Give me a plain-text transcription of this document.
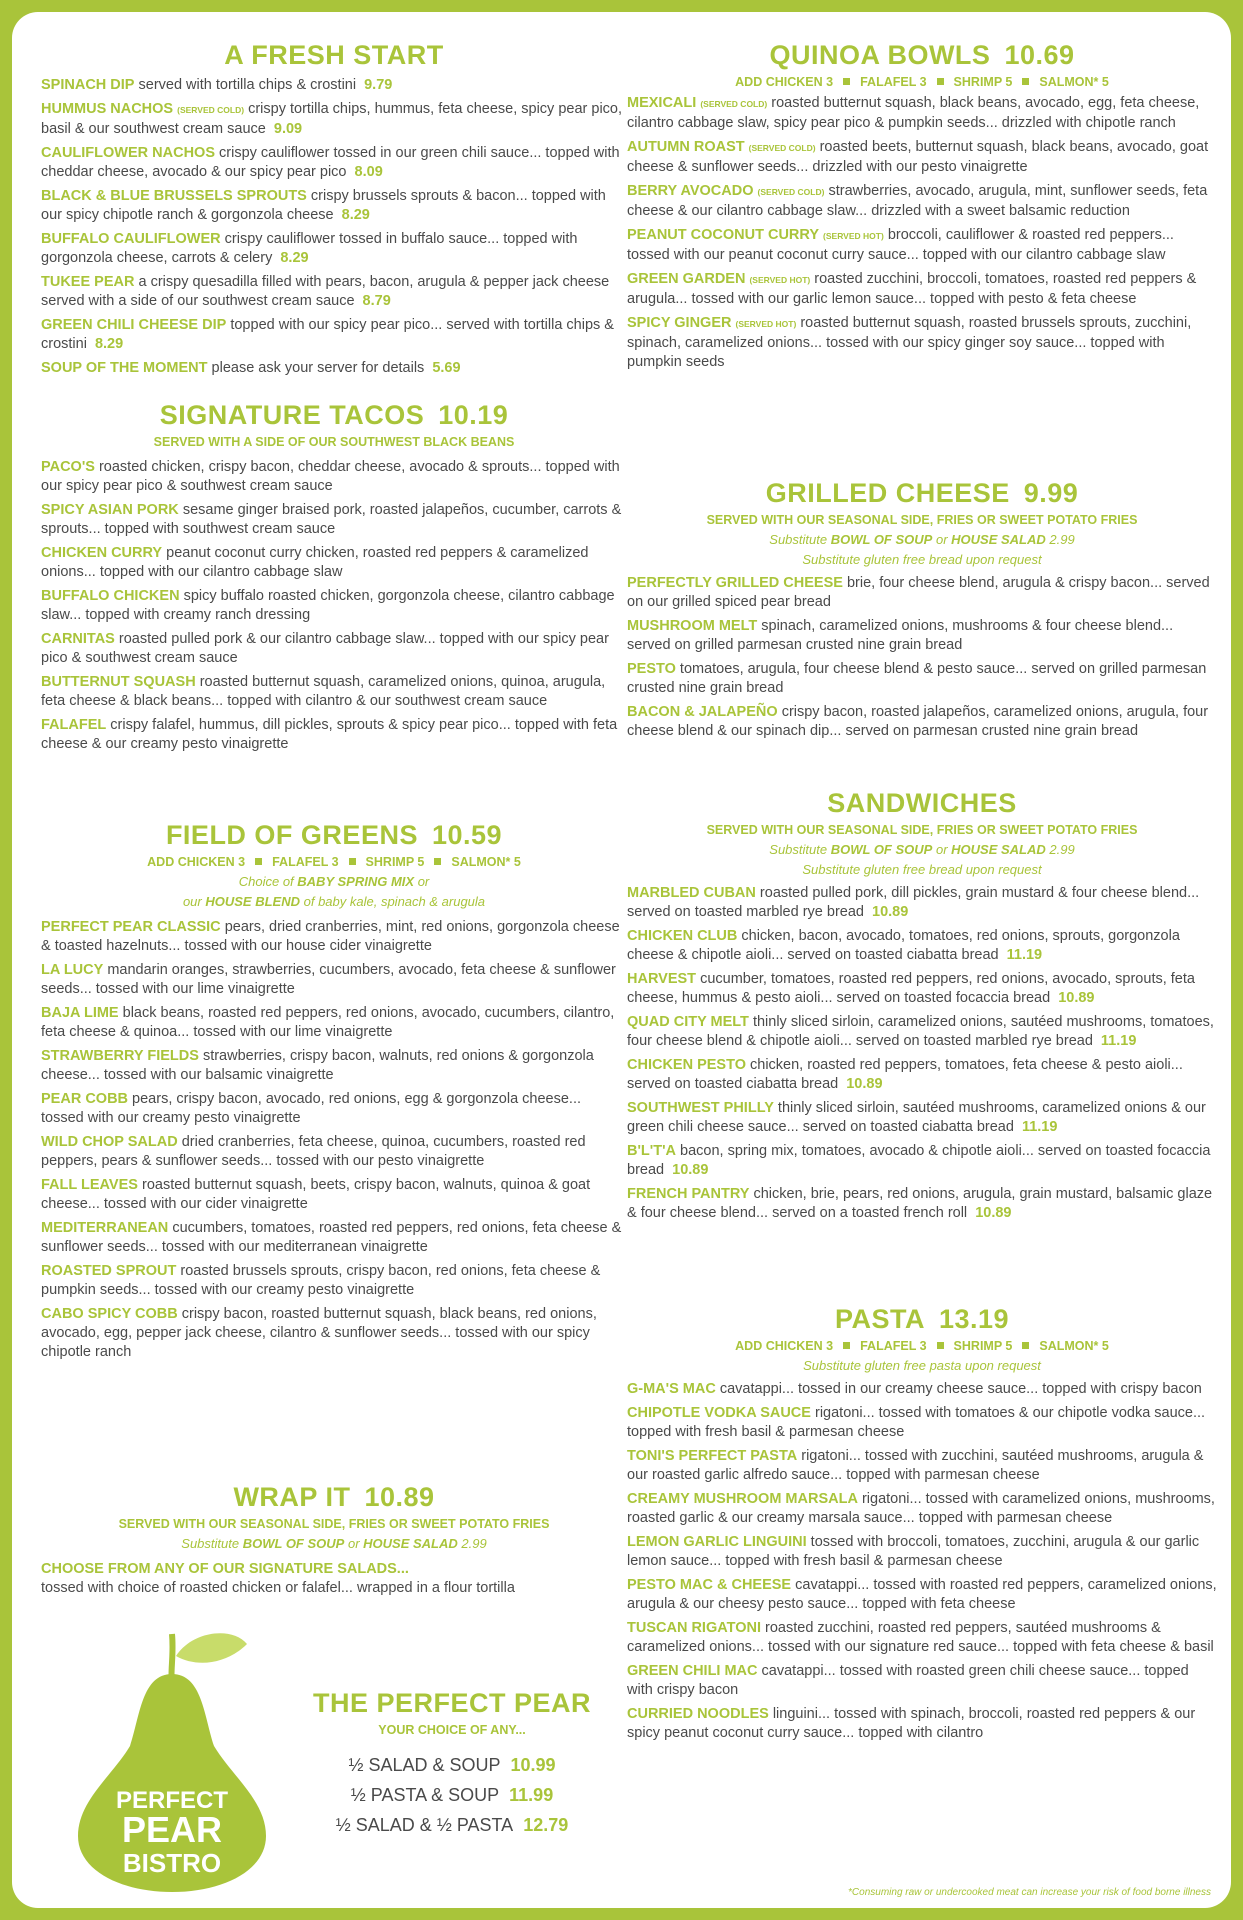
A FRESH START
SPINACH DIP served with tortilla chips & crostini 9.79
HUMMUS NACHOS (SERVED COLD) crispy tortilla chips, hummus, feta cheese, spicy pear pico, basil & our southwest cream sauce 9.09
CAULIFLOWER NACHOS crispy cauliflower tossed in our green chili sauce... topped with cheddar cheese, avocado & our spicy pear pico 8.09
BLACK & BLUE BRUSSELS SPROUTS crispy brussels sprouts & bacon... topped with our spicy chipotle ranch & gorgonzola cheese 8.29
BUFFALO CAULIFLOWER crispy cauliflower tossed in buffalo sauce... topped with gorgonzola cheese, carrots & celery 8.29
TUKEE PEAR a crispy quesadilla filled with pears, bacon, arugula & pepper jack cheese served with a side of our southwest cream sauce 8.79
GREEN CHILI CHEESE DIP topped with our spicy pear pico... served with tortilla chips & crostini 8.29
SOUP OF THE MOMENT please ask your server for details 5.69
SIGNATURE TACOS 10.19
SERVED WITH A SIDE OF OUR SOUTHWEST BLACK BEANS
PACO'S roasted chicken, crispy bacon, cheddar cheese, avocado & sprouts... topped with our spicy pear pico & southwest cream sauce
SPICY ASIAN PORK sesame ginger braised pork, roasted jalapeños, cucumber, carrots & sprouts... topped with southwest cream sauce
CHICKEN CURRY peanut coconut curry chicken, roasted red peppers & caramelized onions... topped with our cilantro cabbage slaw
BUFFALO CHICKEN spicy buffalo roasted chicken, gorgonzola cheese, cilantro cabbage slaw... topped with creamy ranch dressing
CARNITAS roasted pulled pork & our cilantro cabbage slaw... topped with our spicy pear pico & southwest cream sauce
BUTTERNUT SQUASH roasted butternut squash, caramelized onions, quinoa, arugula, feta cheese & black beans... topped with cilantro & our southwest cream sauce
FALAFEL crispy falafel, hummus, dill pickles, sprouts & spicy pear pico... topped with feta cheese & our creamy pesto vinaigrette
FIELD OF GREENS 10.59
ADD CHICKEN 3 FALAFEL 3 SHRIMP 5 SALMON* 5
Choice of BABY SPRING MIX or
our HOUSE BLEND of baby kale, spinach & arugula
PERFECT PEAR CLASSIC pears, dried cranberries, mint, red onions, gorgonzola cheese & toasted hazelnuts... tossed with our house cider vinaigrette
LA LUCY mandarin oranges, strawberries, cucumbers, avocado, feta cheese & sunflower seeds... tossed with our lime vinaigrette
BAJA LIME black beans, roasted red peppers, red onions, avocado, cucumbers, cilantro, feta cheese & quinoa... tossed with our lime vinaigrette
STRAWBERRY FIELDS strawberries, crispy bacon, walnuts, red onions & gorgonzola cheese... tossed with our balsamic vinaigrette
PEAR COBB pears, crispy bacon, avocado, red onions, egg & gorgonzola cheese... tossed with our creamy pesto vinaigrette
WILD CHOP SALAD dried cranberries, feta cheese, quinoa, cucumbers, roasted red peppers, pears & sunflower seeds... tossed with our pesto vinaigrette
FALL LEAVES roasted butternut squash, beets, crispy bacon, walnuts, quinoa & goat cheese... tossed with our cider vinaigrette
MEDITERRANEAN cucumbers, tomatoes, roasted red peppers, red onions, feta cheese & sunflower seeds... tossed with our mediterranean vinaigrette
ROASTED SPROUT roasted brussels sprouts, crispy bacon, red onions, feta cheese & pumpkin seeds... tossed with our creamy pesto vinaigrette
CABO SPICY COBB crispy bacon, roasted butternut squash, black beans, red onions, avocado, egg, pepper jack cheese, cilantro & sunflower seeds... tossed with our spicy chipotle ranch
WRAP IT 10.89
SERVED WITH OUR SEASONAL SIDE, FRIES OR SWEET POTATO FRIES
Substitute BOWL OF SOUP or HOUSE SALAD 2.99
CHOOSE FROM ANY OF OUR SIGNATURE SALADS...
tossed with choice of roasted chicken or falafel... wrapped in a flour tortilla
PERFECT
PEAR
BISTRO
THE PERFECT PEAR
YOUR CHOICE OF ANY...
½ SALAD & SOUP 10.99
½ PASTA & SOUP 11.99
½ SALAD & ½ PASTA 12.79
QUINOA BOWLS 10.69
ADD CHICKEN 3 FALAFEL 3 SHRIMP 5 SALMON* 5
MEXICALI (SERVED COLD) roasted butternut squash, black beans, avocado, egg, feta cheese, cilantro cabbage slaw, spicy pear pico & pumpkin seeds... drizzled with chipotle ranch
AUTUMN ROAST (SERVED COLD) roasted beets, butternut squash, black beans, avocado, goat cheese & sunflower seeds... drizzled with our pesto vinaigrette
BERRY AVOCADO (SERVED COLD) strawberries, avocado, arugula, mint, sunflower seeds, feta cheese & our cilantro cabbage slaw... drizzled with a sweet balsamic reduction
PEANUT COCONUT CURRY (SERVED HOT) broccoli, cauliflower & roasted red peppers... tossed with our peanut coconut curry sauce... topped with our cilantro cabbage slaw
GREEN GARDEN (SERVED HOT) roasted zucchini, broccoli, tomatoes, roasted red peppers & arugula... tossed with our garlic lemon sauce... topped with pesto & feta cheese
SPICY GINGER (SERVED HOT) roasted butternut squash, roasted brussels sprouts, zucchini, spinach, caramelized onions... tossed with our spicy ginger soy sauce... topped with pumpkin seeds
GRILLED CHEESE 9.99
SERVED WITH OUR SEASONAL SIDE, FRIES OR SWEET POTATO FRIES
Substitute BOWL OF SOUP or HOUSE SALAD 2.99
Substitute gluten free bread upon request
PERFECTLY GRILLED CHEESE brie, four cheese blend, arugula & crispy bacon... served on our grilled spiced pear bread
MUSHROOM MELT spinach, caramelized onions, mushrooms & four cheese blend... served on grilled parmesan crusted nine grain bread
PESTO tomatoes, arugula, four cheese blend & pesto sauce... served on grilled parmesan crusted nine grain bread
BACON & JALAPEÑO crispy bacon, roasted jalapeños, caramelized onions, arugula, four cheese blend & our spinach dip... served on parmesan crusted nine grain bread
SANDWICHES
SERVED WITH OUR SEASONAL SIDE, FRIES OR SWEET POTATO FRIES
Substitute BOWL OF SOUP or HOUSE SALAD 2.99
Substitute gluten free bread upon request
MARBLED CUBAN roasted pulled pork, dill pickles, grain mustard & four cheese blend... served on toasted marbled rye bread 10.89
CHICKEN CLUB chicken, bacon, avocado, tomatoes, red onions, sprouts, gorgonzola cheese & chipotle aioli... served on toasted ciabatta bread 11.19
HARVEST cucumber, tomatoes, roasted red peppers, red onions, avocado, sprouts, feta cheese, hummus & pesto aioli... served on toasted focaccia bread 10.89
QUAD CITY MELT thinly sliced sirloin, caramelized onions, sautéed mushrooms, tomatoes, four cheese blend & chipotle aioli... served on toasted marbled rye bread 11.19
CHICKEN PESTO chicken, roasted red peppers, tomatoes, feta cheese & pesto aioli... served on toasted ciabatta bread 10.89
SOUTHWEST PHILLY thinly sliced sirloin, sautéed mushrooms, caramelized onions & our green chili cheese sauce... served on toasted ciabatta bread 11.19
B'L'T'A bacon, spring mix, tomatoes, avocado & chipotle aioli... served on toasted focaccia bread 10.89
FRENCH PANTRY chicken, brie, pears, red onions, arugula, grain mustard, balsamic glaze & four cheese blend... served on a toasted french roll 10.89
PASTA 13.19
ADD CHICKEN 3 FALAFEL 3 SHRIMP 5 SALMON* 5
Substitute gluten free pasta upon request
G-MA'S MAC cavatappi... tossed in our creamy cheese sauce... topped with crispy bacon
CHIPOTLE VODKA SAUCE rigatoni... tossed with tomatoes & our chipotle vodka sauce... topped with fresh basil & parmesan cheese
TONI'S PERFECT PASTA rigatoni... tossed with zucchini, sautéed mushrooms, arugula & our roasted garlic alfredo sauce... topped with parmesan cheese
CREAMY MUSHROOM MARSALA rigatoni... tossed with caramelized onions, mushrooms, roasted garlic & our creamy marsala sauce... topped with parmesan cheese
LEMON GARLIC LINGUINI tossed with broccoli, tomatoes, zucchini, arugula & our garlic lemon sauce... topped with fresh basil & parmesan cheese
PESTO MAC & CHEESE cavatappi... tossed with roasted red peppers, caramelized onions, arugula & our cheesy pesto sauce... topped with feta cheese
TUSCAN RIGATONI roasted zucchini, roasted red peppers, sautéed mushrooms & caramelized onions... tossed with our signature red sauce... topped with feta cheese & basil
GREEN CHILI MAC cavatappi... tossed with roasted green chili cheese sauce... topped with crispy bacon
CURRIED NOODLES linguini... tossed with spinach, broccoli, roasted red peppers & our spicy peanut coconut curry sauce... topped with cilantro
*Consuming raw or undercooked meat can increase your risk of food borne illness
